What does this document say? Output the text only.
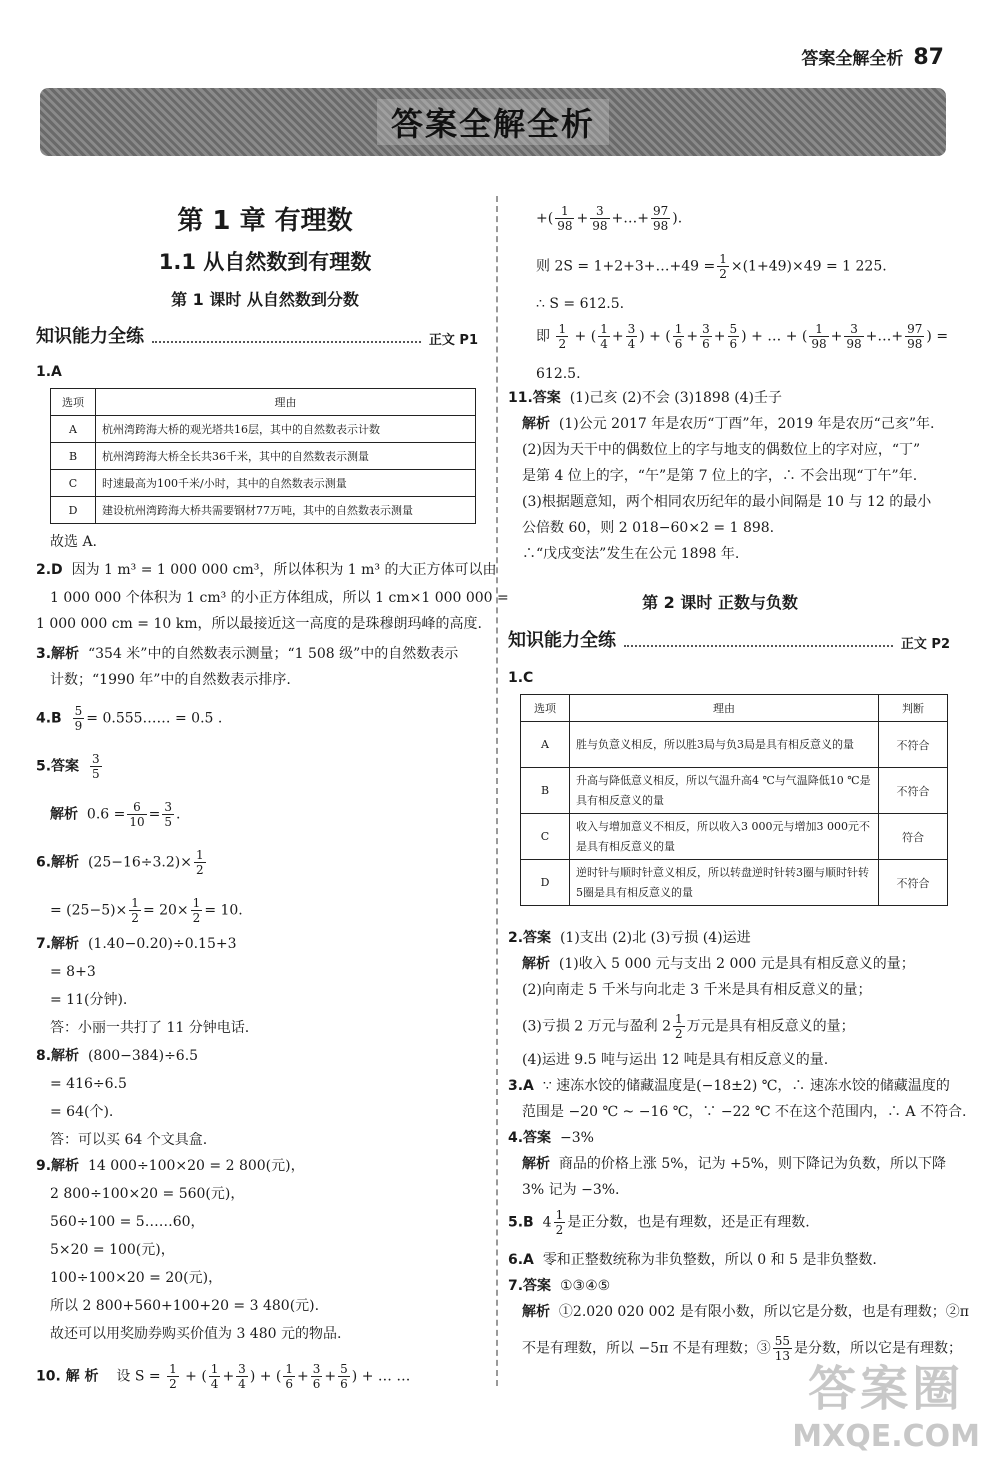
答案全解全析 87
答案全解全析
第 1 章 有理数
1.1 从自然数到有理数
第 1 课时 从自然数到分数
知识能力全练	正文 P1
1.A
选项	理由
A	杭州湾跨海大桥的观光塔共16层，其中的自然数表示计数
B	杭州湾跨海大桥全长共36千米，其中的自然数表示测量
C	时速最高为100千米/小时，其中的自然数表示测量
D	建设杭州湾跨海大桥共需要钢材77万吨，其中的自然数表示测量
故选 A.
2.D 因为 1 m³ = 1 000 000 cm³，所以体积为 1 m³ 的大正方体可以由
1 000 000 个体积为 1 cm³ 的小正方体组成，所以 1 cm×1 000 000 =
1 000 000 cm = 10 km，所以最接近这一高度的是珠穆朗玛峰的高度.
3.解析 “354 米”中的自然数表示测量；“1 508 级”中的自然数表示
计数；“1990 年”中的自然数表示排序.
$4.B \frac{5}{9}$ = 0.555…… = 0.5̇ .
5.答案 $\frac{3}{5}$
解析 $0.6 = \frac{6}{10} = \frac{3}{5}$ .
6.解析 $(25-16\div 3.2)\times \frac{1}{2}$
= $(25-5)\times \frac{1}{2} = 20\times \frac{1}{2} = 10$.
7.解析 (1.40−0.20)÷0.15+3
= 8+3
= 11(分钟).
答：小丽一共打了 11 分钟电话.
8.解析 (800−384)÷6.5
= 416÷6.5
= 64(个).
答：可以买 64 个文具盒.
9.解析 14 000÷100×20 = 2 800(元)，
2 800÷100×20 = 560(元)，
560÷100 = 5……60，
5×20 = 100(元)，
100÷100×20 = 20(元)，
所以 2 800+560+100+20 = 3 480(元).
故还可以用奖励券购买价值为 3 480 元的物品.
10. 解 析 设 $S = \frac{1}{2}$ + ( $\frac{1}{4} + \frac{3}{4}$ ) + ( $\frac{1}{6} + \frac{3}{6} + \frac{5}{6}$ ) + … …
+( $\frac{1}{98} + \frac{3}{98}$ +…+ $\frac{97}{98}$ ).
则 2S = 1+2+3+…+49 = $\frac{1}{2} \times(1+49)\times 49 = 1$ 225.
∴ S = 612.5.
即 $\frac{1}{2}$ + ( $\frac{1}{4} + \frac{3}{4}$ ) + ( $\frac{1}{6} + \frac{3}{6} + \frac{5}{6}$ ) + … + ( $\frac{1}{98} + \frac{3}{98}$ +…+ $\frac{97}{98}$ ) =
612.5.
11.答案 (1)己亥 (2)不会 (3)1898 (4)壬子
解析 (1)公元 2017 年是农历“丁酉”年，2019 年是农历“己亥”年.
(2)因为天干中的偶数位上的字与地支的偶数位上的字对应，“丁”
是第 4 位上的字，“午”是第 7 位上的字，∴ 不会出现“丁午”年.
(3)根据题意知，两个相同农历纪年的最小间隔是 10 与 12 的最小
公倍数 60，则 2 018−60×2 = 1 898.
∴“戊戌变法”发生在公元 1898 年.
第 2 课时 正数与负数
知识能力全练	正文 P2
1.C
选项	理由	判断
A	胜与负意义相反，所以胜3局与负3局是具有相反意义的量	不符合
B	升高与降低意义相反，所以气温升高4 ℃与气温降低10 ℃是具有相反意义的量	不符合
C	收入与增加意义不相反，所以收入3 000元与增加3 000元不是具有相反意义的量	符合
D	逆时针与顺时针意义相反，所以转盘逆时针转3圈与顺时针转5圈是具有相反意义的量	不符合
2.答案 (1)支出 (2)北 (3)亏损 (4)运进
解析 (1)收入 5 000 元与支出 2 000 元是具有相反意义的量；
(2)向南走 5 千米与向北走 3 千米是具有相反意义的量；
(3)亏损 2 万元与盈利 $2 \frac{1}{2}$ 万元是具有相反意义的量；
(4)运进 9.5 吨与运出 12 吨是具有相反意义的量.
3.A ∵ 速冻水饺的储藏温度是(−18±2) ℃，∴ 速冻水饺的储藏温度的
范围是 −20 ℃ ~ −16 ℃，∵ −22 ℃ 不在这个范围内，∴ A 不符合.
4.答案 −3%
解析 商品的价格上涨 5%，记为 +5%，则下降记为负数，所以下降
3% 记为 −3%.
5.B $4 \frac{1}{2}$ 是正分数，也是有理数，还是正有理数.
6.A 零和正整数统称为非负整数，所以 0 和 5 是非负整数.
7.答案 ①③④⑤
解析 ①2.020 020 002 是有限小数，所以它是分数，也是有理数；②π
不是有理数，所以 −5π 不是有理数；③ $\frac{55}{13}$ 是分数，所以它是有理数；
答案圈
MXQE.COM
